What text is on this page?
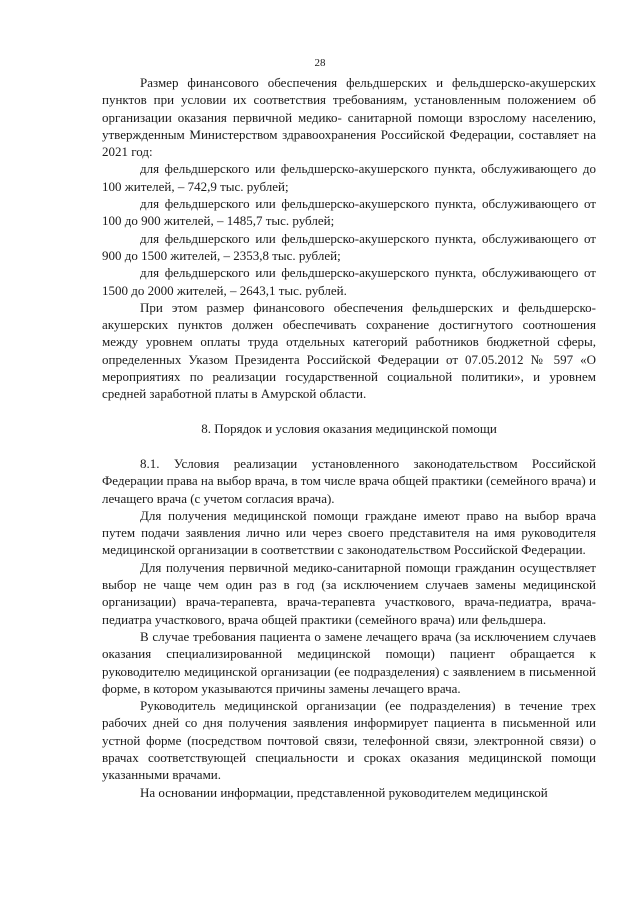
28

Размер финансового обеспечения фельдшерских и фельдшерско-акушерских пунктов при условии их соответствия требованиям, установленным положением об организации оказания первичной медико- санитарной помощи взрослому населению, утвержденным Министерством здравоохранения Российской Федерации, составляет на 2021 год:

для фельдшерского или фельдшерско-акушерского пункта, обслуживающего до 100 жителей, – 742,9 тыс. рублей;

для фельдшерского или фельдшерско-акушерского пункта, обслуживающего от 100 до 900 жителей, – 1485,7 тыс. рублей;

для фельдшерского или фельдшерско-акушерского пункта, обслуживающего от 900 до 1500 жителей, – 2353,8 тыс. рублей;

для фельдшерского или фельдшерско-акушерского пункта, обслуживающего от 1500 до 2000 жителей, – 2643,1 тыс. рублей.

При этом размер финансового обеспечения фельдшерских и фельдшерско-акушерских пунктов должен обеспечивать сохранение достигнутого соотношения между уровнем оплаты труда отдельных категорий работников бюджетной сферы, определенных Указом Президента Российской Федерации от 07.05.2012 № 597 «О мероприятиях по реализации государственной социальной политики», и уровнем средней заработной платы в Амурской области.

8. Порядок и условия оказания медицинской помощи

8.1. Условия реализации установленного законодательством Российской Федерации права на выбор врача, в том числе врача общей практики (семейного врача) и лечащего врача (с учетом согласия врача).

Для получения медицинской помощи граждане имеют право на выбор врача путем подачи заявления лично или через своего представителя на имя руководителя медицинской организации в соответствии с законодательством Российской Федерации.

Для получения первичной медико-санитарной помощи гражданин осуществляет выбор не чаще чем один раз в год (за исключением случаев замены медицинской организации) врача-терапевта, врача-терапевта участкового, врача-педиатра, врача-педиатра участкового, врача общей практики (семейного врача) или фельдшера.

В случае требования пациента о замене лечащего врача (за исключением случаев оказания специализированной медицинской помощи) пациент обращается к руководителю медицинской организации (ее подразделения) с заявлением в письменной форме, в котором указываются причины замены лечащего врача.

Руководитель медицинской организации (ее подразделения) в течение трех рабочих дней со дня получения заявления информирует пациента в письменной или устной форме (посредством почтовой связи, телефонной связи, электронной связи) о врачах соответствующей специальности и сроках оказания медицинской помощи указанными врачами.

На основании информации, представленной руководителем медицинской
